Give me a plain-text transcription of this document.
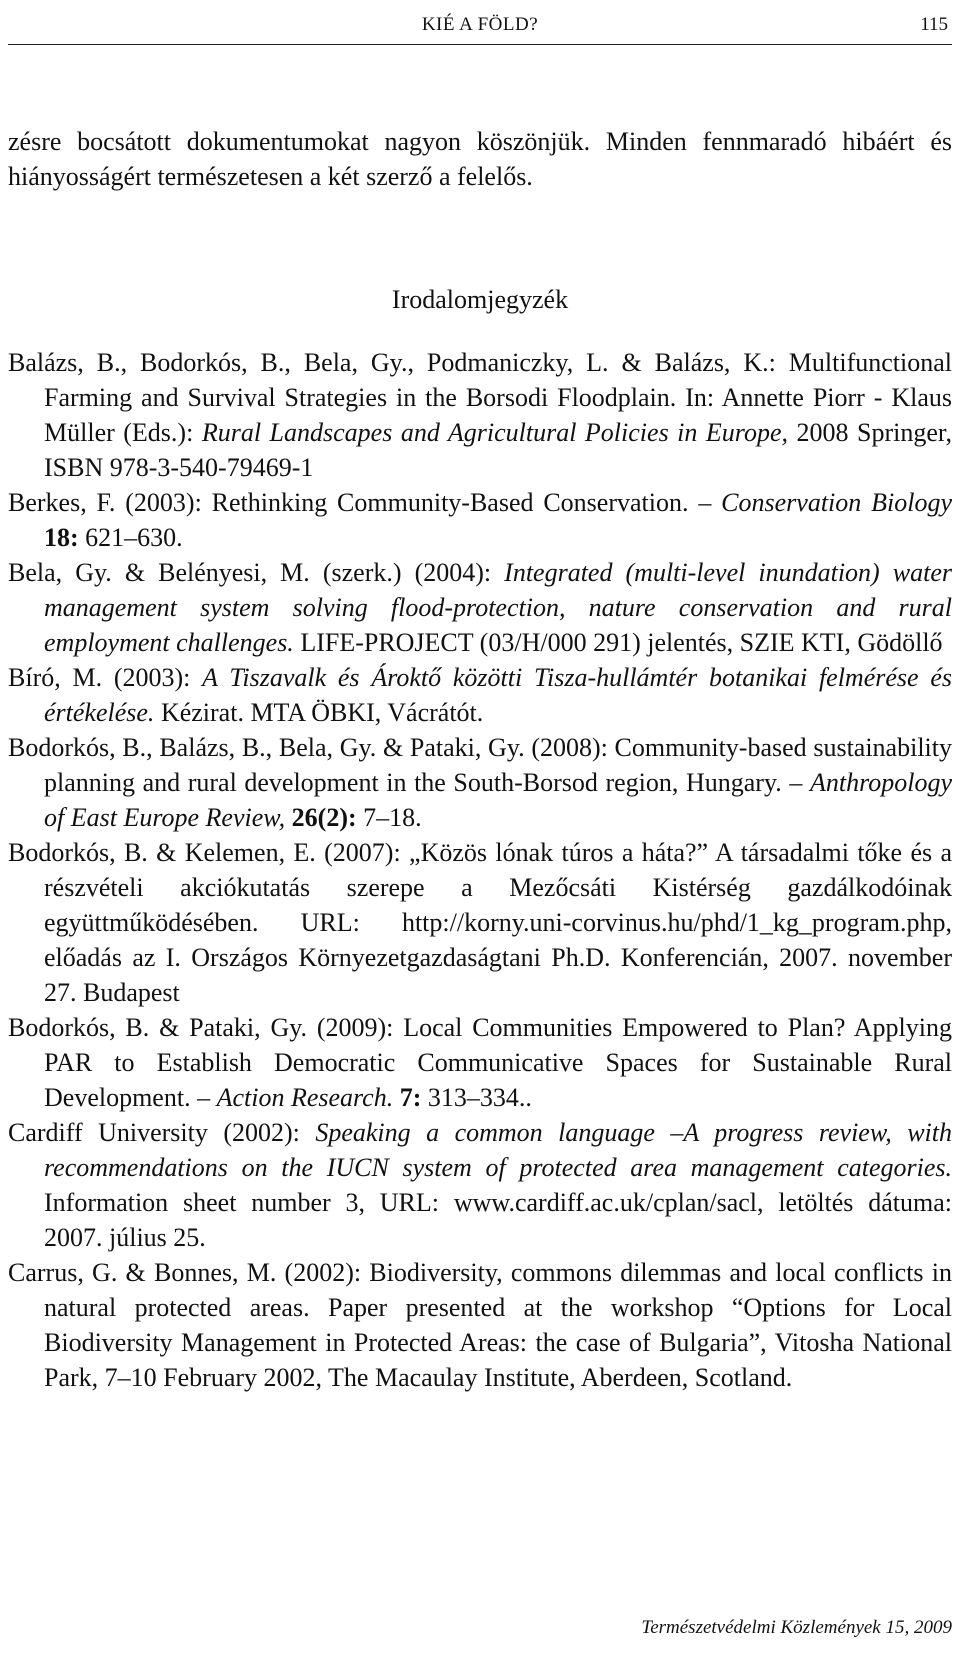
KIÉ A FÖLD?	115

zésre bocsátott dokumentumokat nagyon köszönjük. Minden fennmaradó hibáért és hiányosságért természetesen a két szerző a felelős.

Irodalomjegyzék

Balázs, B., Bodorkós, B., Bela, Gy., Podmaniczky, L. & Balázs, K.: Multifunctional Farming and Survival Strategies in the Borsodi Floodplain. In: Annette Piorr - Klaus Müller (Eds.): Rural Landscapes and Agricultural Policies in Europe, 2008 Springer, ISBN 978-3-540-79469-1

Berkes, F. (2003): Rethinking Community-Based Conservation. – Conservation Biology 18: 621–630.

Bela, Gy. & Belényesi, M. (szerk.) (2004): Integrated (multi-level inundation) water management system solving flood-protection, nature conservation and rural employment challenges. LIFE-PROJECT (03/H/000 291) jelentés, SZIE KTI, Gödöllő

Bíró, M. (2003): A Tiszavalk és Ároktő közötti Tisza-hullámtér botanikai felmérése és értékelése. Kézirat. MTA ÖBKI, Vácrátót.

Bodorkós, B., Balázs, B., Bela, Gy. & Pataki, Gy. (2008): Community-based sustainability planning and rural development in the South-Borsod region, Hungary. – Anthropology of East Europe Review, 26(2): 7–18.

Bodorkós, B. & Kelemen, E. (2007): „Közös lónak túros a háta?” A társadalmi tőke és a részvételi akciókutatás szerepe a Mezőcsáti Kistérség gazdálkodóinak együttműködésében. URL: http://korny.uni-corvinus.hu/phd/1_kg_program.php, előadás az I. Országos Környezetgazdaságtani Ph.D. Konferencián, 2007. november 27. Budapest

Bodorkós, B. & Pataki, Gy. (2009): Local Communities Empowered to Plan? Applying PAR to Establish Democratic Communicative Spaces for Sustainable Rural Development. – Action Research. 7: 313–334..

Cardiff University (2002): Speaking a common language –A progress review, with recommendations on the IUCN system of protected area management categories. Information sheet number 3, URL: www.cardiff.ac.uk/cplan/sacl, letöltés dátuma: 2007. július 25.

Carrus, G. & Bonnes, M. (2002): Biodiversity, commons dilemmas and local conflicts in natural protected areas. Paper presented at the workshop “Options for Local Biodiversity Management in Protected Areas: the case of Bulgaria”, Vitosha National Park, 7–10 February 2002, The Macaulay Institute, Aberdeen, Scotland.

Természetvédelmi Közlemények 15, 2009
